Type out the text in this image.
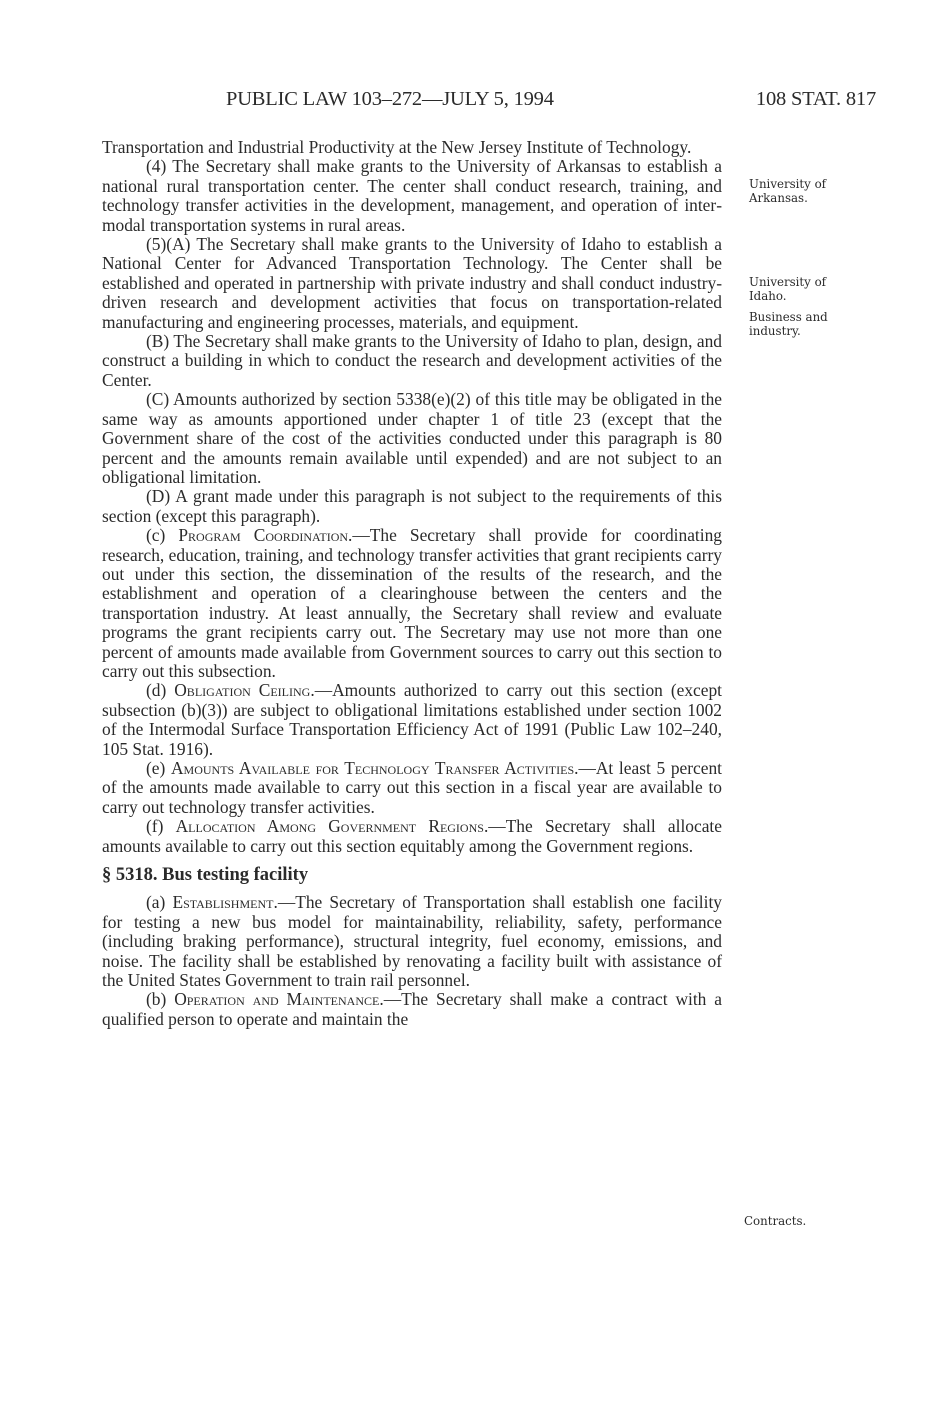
PUBLIC LAW 103–272—JULY 5, 1994	108 STAT. 817

Transportation and Industrial Productivity at the New Jersey Institute of Technology.

(4) The Secretary shall make grants to the University of Arkansas to establish a national rural transportation center. The center shall conduct research, training, and technology transfer activities in the development, management, and operation of intermodal transportation systems in rural areas.

(5)(A) The Secretary shall make grants to the University of Idaho to establish a National Center for Advanced Transportation Technology. The Center shall be established and operated in partnership with private industry and shall conduct industry-driven research and development activities that focus on transportation-related manufacturing and engineering processes, materials, and equipment.

(B) The Secretary shall make grants to the University of Idaho to plan, design, and construct a building in which to conduct the research and development activities of the Center.

(C) Amounts authorized by section 5338(e)(2) of this title may be obligated in the same way as amounts apportioned under chapter 1 of title 23 (except that the Government share of the cost of the activities conducted under this paragraph is 80 percent and the amounts remain available until expended) and are not subject to an obligational limitation.

(D) A grant made under this paragraph is not subject to the requirements of this section (except this paragraph).

(c) Program Coordination.—The Secretary shall provide for coordinating research, education, training, and technology transfer activities that grant recipients carry out under this section, the dissemination of the results of the research, and the establishment and operation of a clearinghouse between the centers and the transportation industry. At least annually, the Secretary shall review and evaluate programs the grant recipients carry out. The Secretary may use not more than one percent of amounts made available from Government sources to carry out this section to carry out this subsection.

(d) Obligation Ceiling.—Amounts authorized to carry out this section (except subsection (b)(3)) are subject to obligational limitations established under section 1002 of the Intermodal Surface Transportation Efficiency Act of 1991 (Public Law 102–240, 105 Stat. 1916).

(e) Amounts Available for Technology Transfer Activities.—At least 5 percent of the amounts made available to carry out this section in a fiscal year are available to carry out technology transfer activities.

(f) Allocation Among Government Regions.—The Secretary shall allocate amounts available to carry out this section equitably among the Government regions.

§ 5318. Bus testing facility

(a) Establishment.—The Secretary of Transportation shall establish one facility for testing a new bus model for maintainability, reliability, safety, performance (including braking performance), structural integrity, fuel economy, emissions, and noise. The facility shall be established by renovating a facility built with assistance of the United States Government to train rail personnel.

(b) Operation and Maintenance.—The Secretary shall make a contract with a qualified person to operate and maintain the

University of
Arkansas.
University of
Idaho.
Business and
industry.
Contracts.
